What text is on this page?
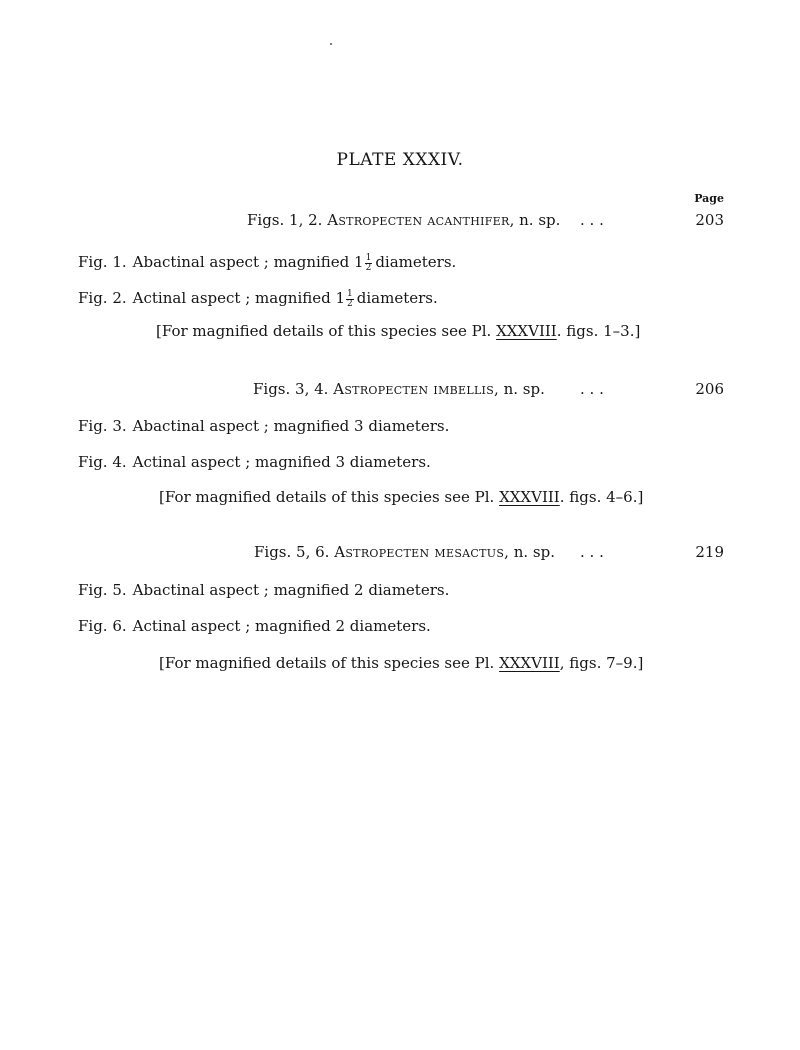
PLATE XXXIV.
Page
Figs. 1, 2. Astropecten acanthifer, n. sp. . . .	203
Fig. 1. Abactinal aspect ; magnified $1 \frac{1}{2}$ diameters.
Fig. 2. Actinal aspect ; magnified $1 \frac{1}{2}$ diameters.
[For magnified details of this species see Pl. XXXVIII. figs. 1–3.]
Figs. 3, 4. Astropecten imbellis, n. sp. . . .	206
Fig. 3. Abactinal aspect ; magnified 3 diameters.
Fig. 4. Actinal aspect ; magnified 3 diameters.
[For magnified details of this species see Pl. XXXVIII. figs. 4–6.]
Figs. 5, 6. Astropecten mesactus, n. sp. . . .	219
Fig. 5. Abactinal aspect ; magnified 2 diameters.
Fig. 6. Actinal aspect ; magnified 2 diameters.
[For magnified details of this species see Pl. XXXVIII, figs. 7–9.]
